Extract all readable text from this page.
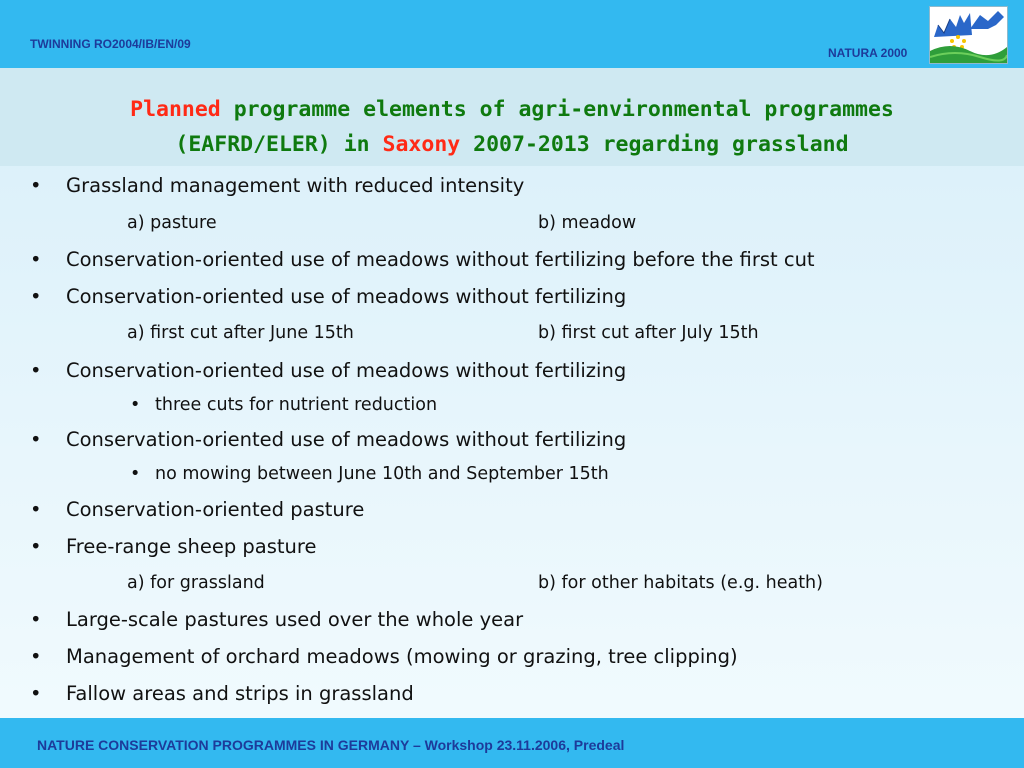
TWINNING RO2004/IB/EN/09
NATURA 2000
Planned programme elements of agri-environmental programmes
(EAFRD/ELER) in Saxony 2007-2013 regarding grassland
• Grassland management with reduced intensity
a) pasture	b) meadow
• Conservation-oriented use of meadows without fertilizing before the first cut
• Conservation-oriented use of meadows without fertilizing
a) first cut after June 15th	b) first cut after July 15th
• Conservation-oriented use of meadows without fertilizing
• three cuts for nutrient reduction
• Conservation-oriented use of meadows without fertilizing
• no mowing between June 10th and September 15th
• Conservation-oriented pasture
• Free-range sheep pasture
a) for grassland	b) for other habitats (e.g. heath)
• Large-scale pastures used over the whole year
• Management of orchard meadows (mowing or grazing, tree clipping)
• Fallow areas and strips in grassland
NATURE CONSERVATION PROGRAMMES IN GERMANY – Workshop 23.11.2006, Predeal
